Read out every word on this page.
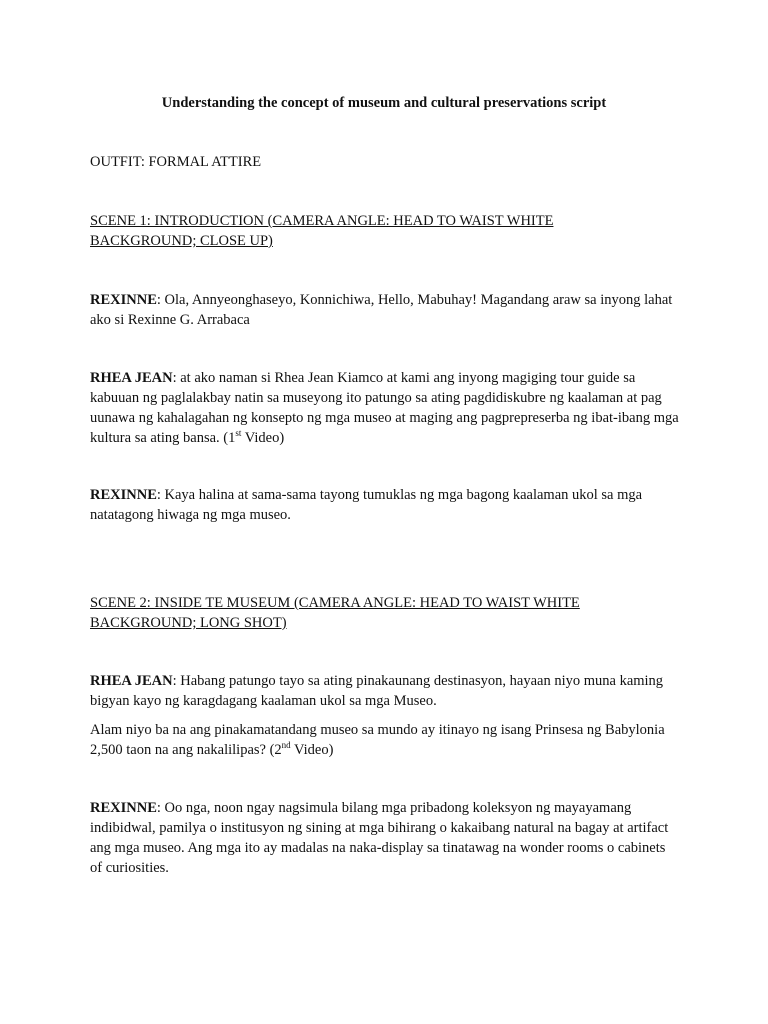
Understanding the concept of museum and cultural preservations script
OUTFIT: FORMAL ATTIRE
SCENE 1: INTRODUCTION (CAMERA ANGLE: HEAD TO WAIST WHITE
BACKGROUND; CLOSE UP)

REXINNE: Ola, Annyeonghaseyo, Konnichiwa, Hello, Mabuhay! Magandang araw sa inyong lahat ako si Rexinne G. Arrabaca

RHEA JEAN: at ako naman si Rhea Jean Kiamco at kami ang inyong magiging tour guide sa kabuuan ng paglalakbay natin sa museyong ito patungo sa ating pagdidiskubre ng kaalaman at pag uunawa ng kahalagahan ng konsepto ng mga museo at maging ang pagprepreserba ng ibat-ibang mga kultura sa ating bansa. (1st Video)

REXINNE: Kaya halina at sama-sama tayong tumuklas ng mga bagong kaalaman ukol sa mga natatagong hiwaga ng mga museo.

SCENE 2: INSIDE TE MUSEUM (CAMERA ANGLE: HEAD TO WAIST WHITE
BACKGROUND; LONG SHOT)

RHEA JEAN: Habang patungo tayo sa ating pinakaunang destinasyon, hayaan niyo muna kaming bigyan kayo ng karagdagang kaalaman ukol sa mga Museo.

Alam niyo ba na ang pinakamatandang museo sa mundo ay itinayo ng isang Prinsesa ng Babylonia 2,500 taon na ang nakalilipas? (2nd Video)

REXINNE: Oo nga, noon ngay nagsimula bilang mga pribadong koleksyon ng mayayamang indibidwal, pamilya o institusyon ng sining at mga bihirang o kakaibang natural na bagay at artifact ang mga museo. Ang mga ito ay madalas na naka-display sa tinatawag na wonder rooms o cabinets of curiosities.
